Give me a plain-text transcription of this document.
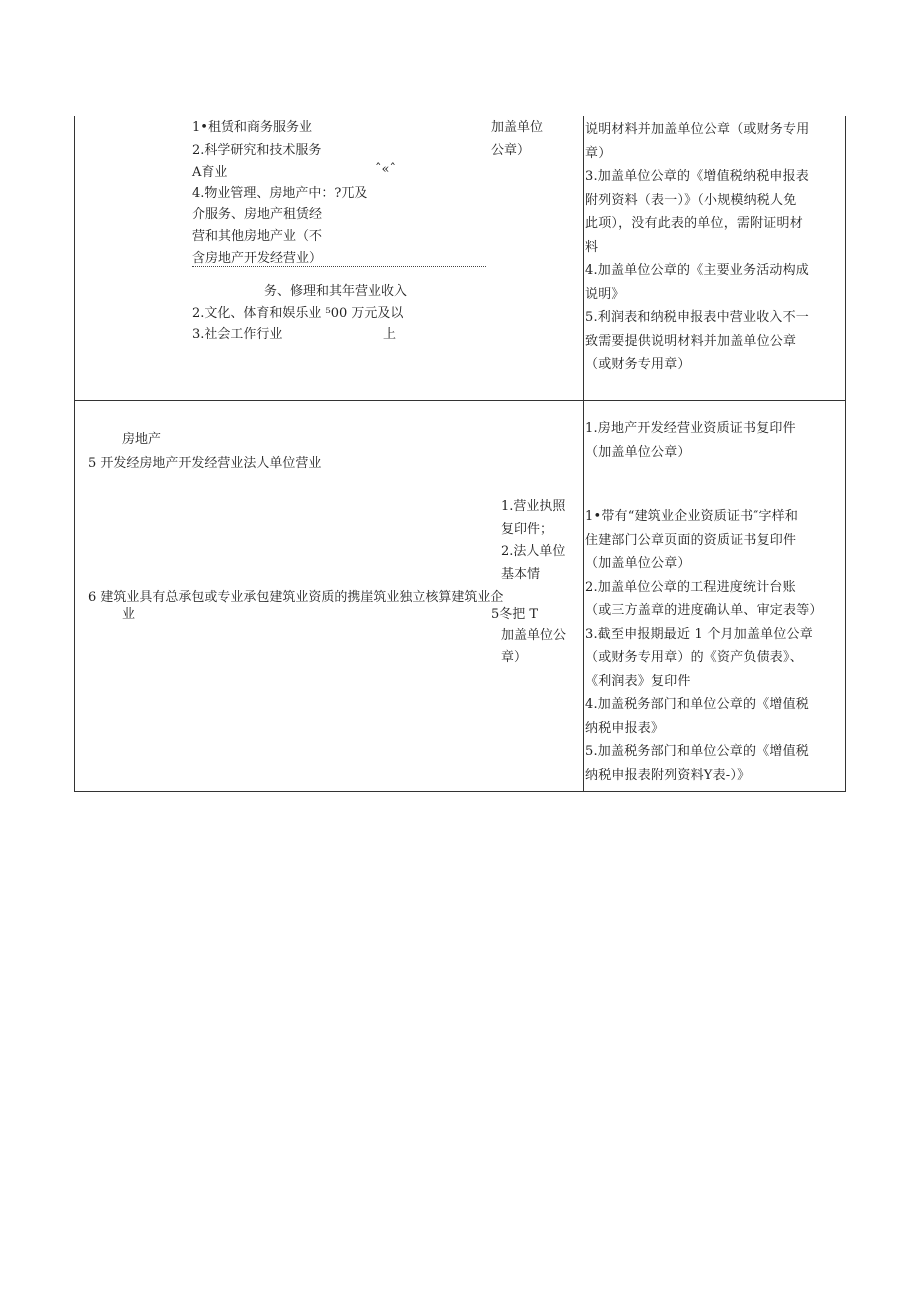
1•租赁和商务服务业
2.科学研究和技术服务
A育业	ˆ«ˆ
4.物业管理、房地产中：?兀及
介服务、房地产租赁经
营和其他房地产业（不
含房地产开发经营业）
务、修理和其年营业收入
2.文化、体育和娱乐业 ⁵00 万元及以
3.社会工作行业	上
加盖单位
公章）
说明材料并加盖单位公章（或财务专用
章）
3.加盖单位公章的《增值税纳税申报表
附列资料（表一）》（小规模纳税人免
此项），没有此表的单位，需附证明材
料
4.加盖单位公章的《主要业务活动构成
说明》
5.利润表和纳税申报表中营业收入不一
致需要提供说明材料并加盖单位公章
（或财务专用章）
房地产
5 开发经房地产开发经营业法人单位营业
1.房地产开发经营业资质证书复印件
（加盖单位公章）
6 建筑业具有总承包或专业承包建筑业资质的携崖筑业独立核算建筑业企
业
1.营业执照
复印件；
2.法人单位
基本情
5冬把 T
加盖单位公
章）
1•带有“建筑业企业资质证书″字样和
住建部门公章页面的资质证书复印件
（加盖单位公章）
2.加盖单位公章的工程进度统计台账
（或三方盖章的进度确认单、审定表等）
3.截至申报期最近 1 个月加盖单位公章
（或财务专用章）的《资产负债表》、
《利润表》复印件
4.加盖税务部门和单位公章的《增值税
纳税申报表》
5.加盖税务部门和单位公章的《增值税
纳税申报表附列资料Y表-）》
